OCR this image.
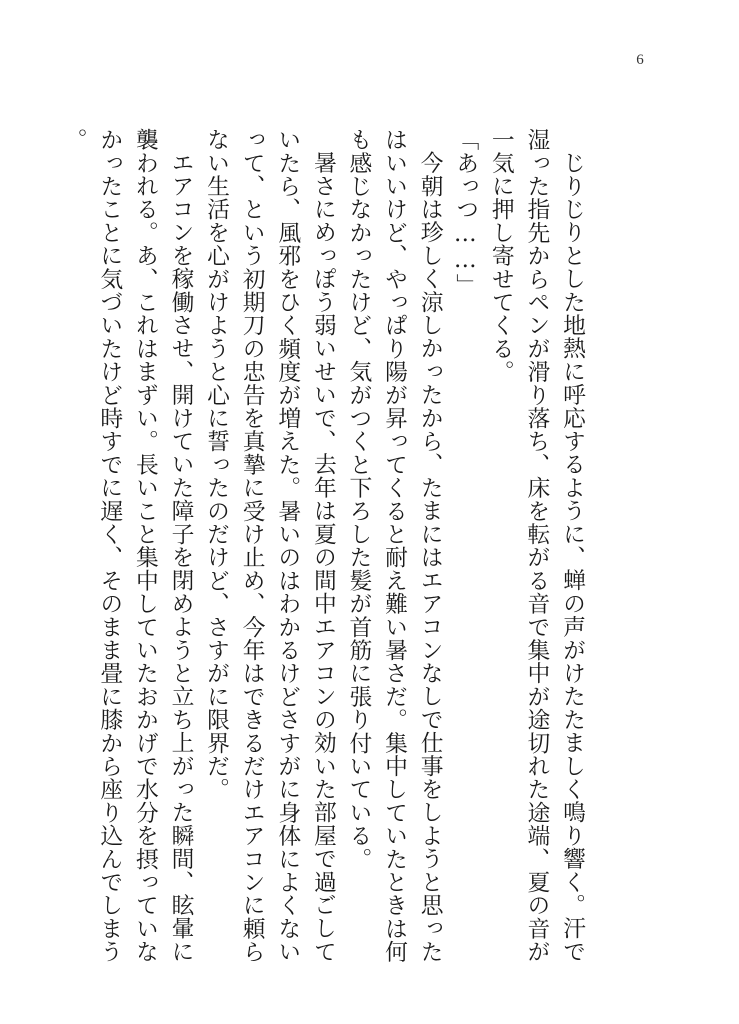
6

じりじりとした地熱に呼応するように、蝉の声がけたたましく鳴り響く。汗で湿った指先からペンが滑り落ち、床を転がる音で集中が途切れた途端、夏の音が一気に押し寄せてくる。

「あっつ……」

今朝は珍しく涼しかったから、たまにはエアコンなしで仕事をしようと思ったはいいけど、やっぱり陽が昇ってくると耐え難い暑さだ。集中していたときは何も感じなかったけど、気がつくと下ろした髪が首筋に張り付いている。

暑さにめっぽう弱いせいで、去年は夏の間中エアコンの効いた部屋で過ごしていたら、風邪をひく頻度が増えた。暑いのはわかるけどさすがに身体によくないって、という初期刀の忠告を真摯に受け止め、今年はできるだけエアコンに頼らない生活を心がけようと心に誓ったのだけど、さすがに限界だ。

エアコンを稼働させ、開けていた障子を閉めようと立ち上がった瞬間、眩暈に襲われる。あ、これはまずい。長いこと集中していたおかげで水分を摂っていなかったことに気づいたけど時すでに遅く、そのまま畳に膝から座り込んでしまう。
